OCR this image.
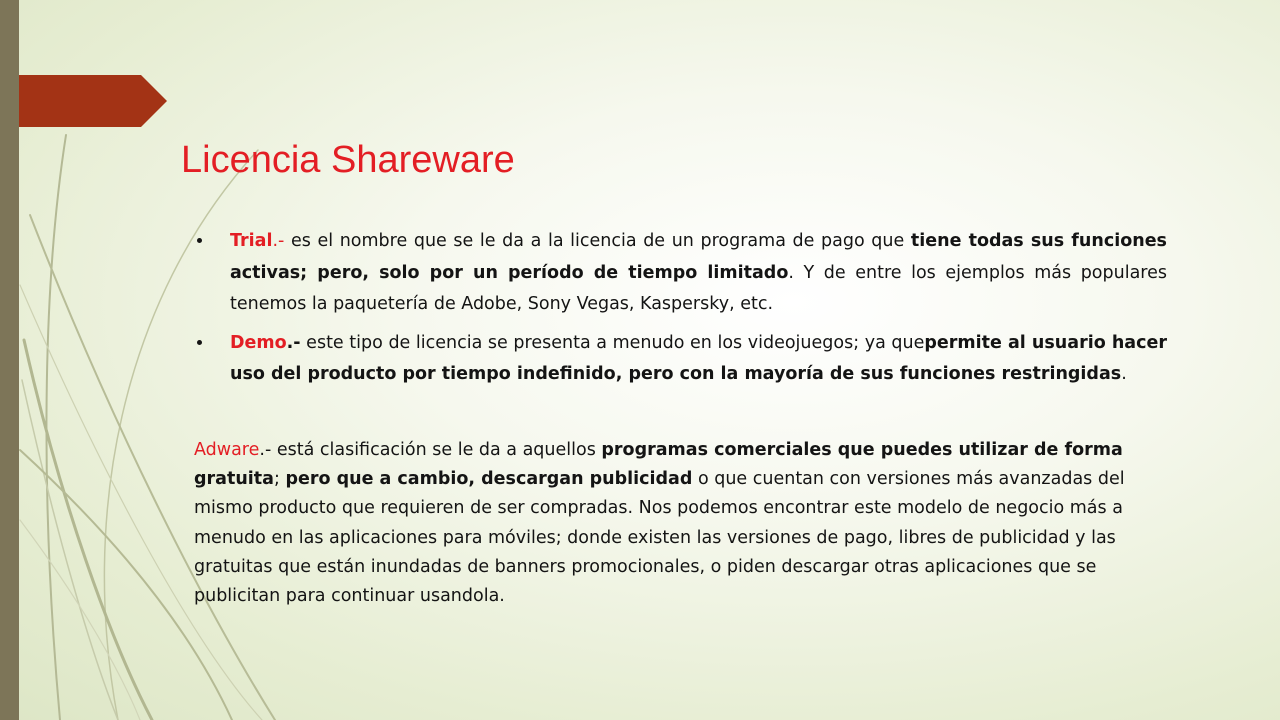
Licencia Shareware
Trial.- es el nombre que se le da a la licencia de un programa de pago que tiene todas sus funciones activas; pero, solo por un período de tiempo limitado. Y de entre los ejemplos más populares tenemos la paquetería de Adobe, Sony Vegas, Kaspersky, etc.
Demo.- este tipo de licencia se presenta a menudo en los videojuegos; ya quepermite al usuario hacer uso del producto por tiempo indefinido, pero con la mayoría de sus funciones restringidas.

Adware.- está clasificación se le da a aquellos programas comerciales que puedes utilizar de forma gratuita; pero que a cambio, descargan publicidad o que cuentan con versiones más avanzadas del mismo producto que requieren de ser compradas. Nos podemos encontrar este modelo de negocio más a menudo en las aplicaciones para móviles; donde existen las versiones de pago, libres de publicidad y las gratuitas que están inundadas de banners promocionales, o piden descargar otras aplicaciones que se publicitan para continuar usandola.
